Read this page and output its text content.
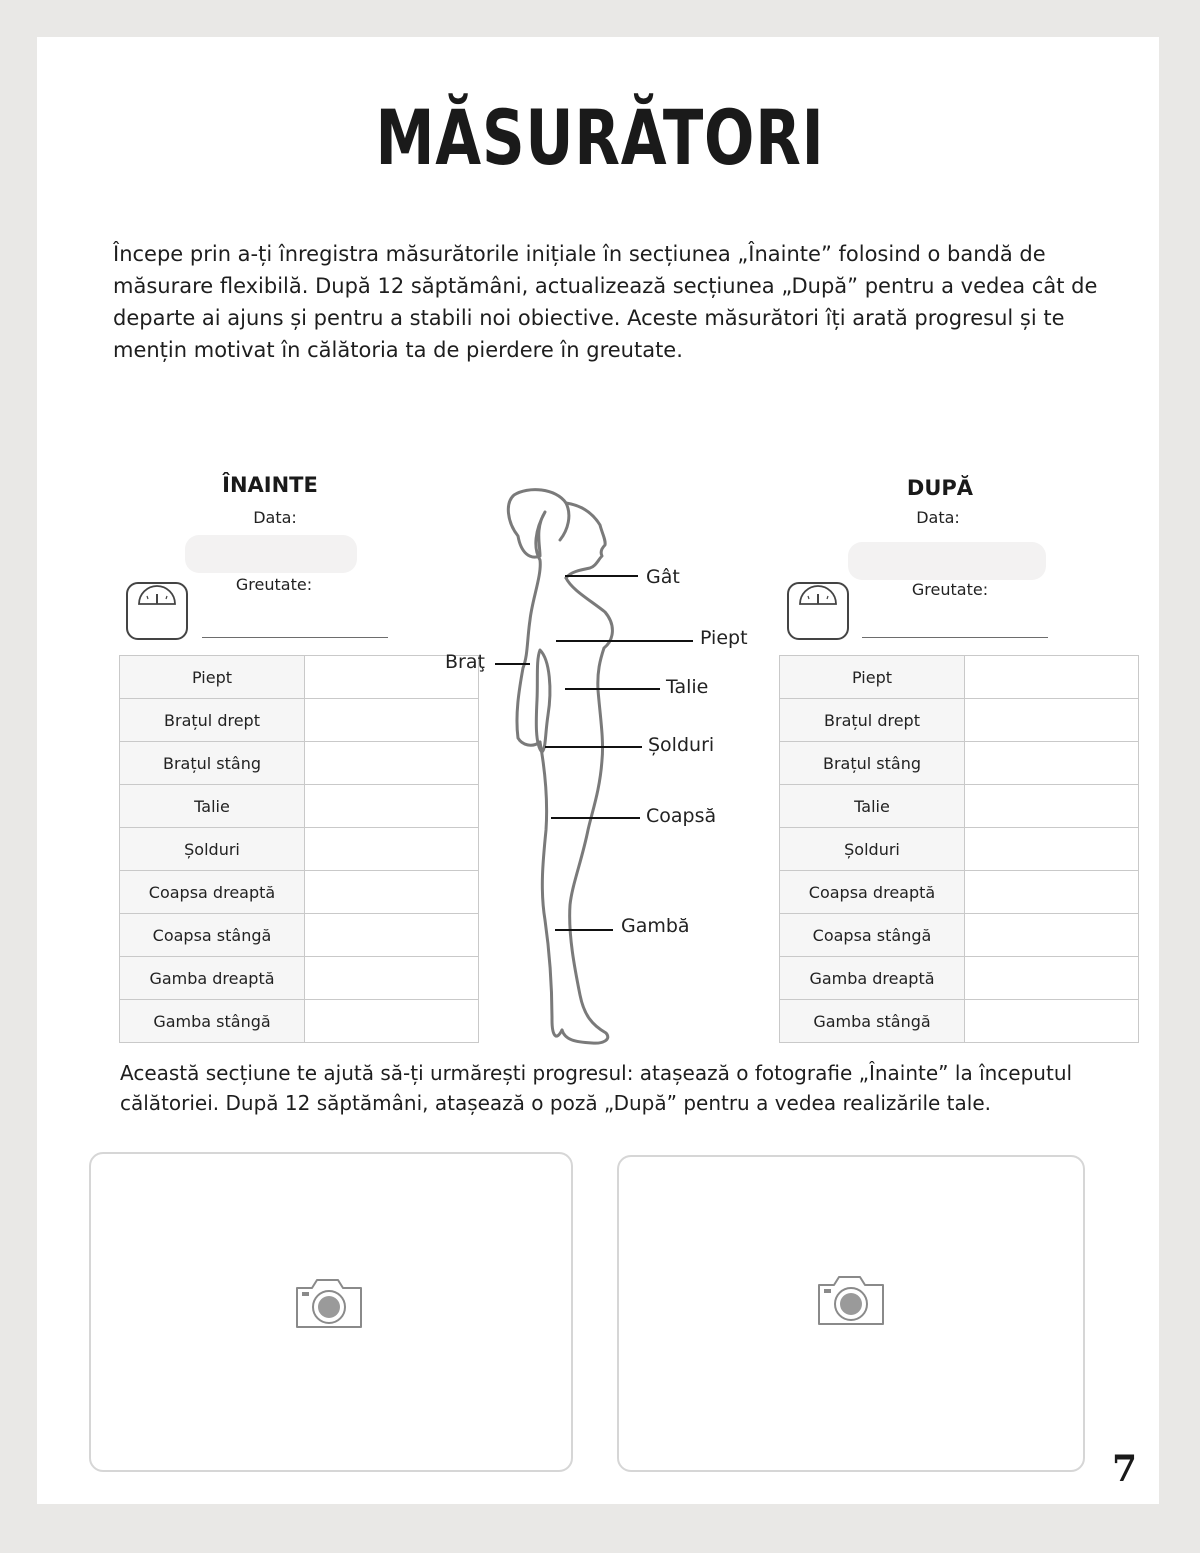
MĂSURĂTORI
Începe prin a-ți înregistra măsurătorile inițiale în secțiunea „Înainte” folosind o bandă de măsurare flexibilă. După 12 săptămâni, actualizează secțiunea „După” pentru a vedea cât de departe ai ajuns și pentru a stabili noi obiective. Aceste măsurători îți arată progresul și te mențin motivat în călătoria ta de pierdere în greutate.
ÎNAINTE
Data:
Greutate:
Piept	
Brațul drept	
Brațul stâng	
Talie	
Șolduri	
Coapsa dreaptă	
Coapsa stângă	
Gamba dreaptă	
Gamba stângă	
DUPĂ
Data:
Greutate:
Piept	
Brațul drept	
Brațul stâng	
Talie	
Șolduri	
Coapsa dreaptă	
Coapsa stângă	
Gamba dreaptă	
Gamba stângă	
Gât
Piept
Braţ
Talie
Șolduri
Coapsă
Gambă
Această secțiune te ajută să-ți urmărești progresul: atașează o fotografie „Înainte” la începutul călătoriei. După 12 săptămâni, atașează o poză „După” pentru a vedea realizările tale.
7
